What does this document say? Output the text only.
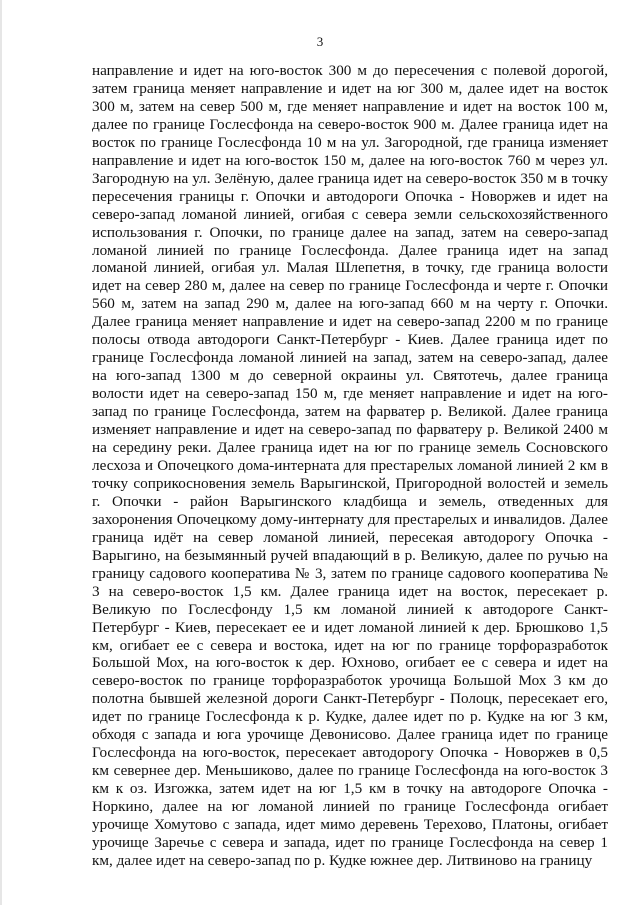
3

направление и идет на юго-восток 300 м до пересечения с полевой дорогой, затем граница меняет направление и идет на юг 300 м, далее идет на восток 300 м, затем на север 500 м, где меняет направление и идет на восток 100 м, далее по границе Гослесфонда на северо-восток 900 м. Далее граница идет на восток по границе Гослесфонда 10 м на ул. Загородной, где граница изменяет направление и идет на юго-восток 150 м, далее на юго-восток 760 м через ул. Загородную на ул. Зелёную, далее граница идет на северо-восток 350 м в точку пересечения границы г. Опочки и автодороги Опочка - Новоржев и идет на северо-запад ломаной линией, огибая с севера земли сельскохозяйственного использования г. Опочки, по границе далее на запад, затем на северо-запад ломаной линией по границе Гослесфонда. Далее граница идет на запад ломаной линией, огибая ул. Малая Шлепетня, в точку, где граница волости идет на север 280 м, далее на север по границе Гослесфонда и черте г. Опочки 560 м, затем на запад 290 м, далее на юго-запад 660 м на черту г. Опочки. Далее граница меняет направление и идет на северо-запад 2200 м по границе полосы отвода автодороги Санкт-Петербург - Киев. Далее граница идет по границе Гослесфонда ломаной линией на запад, затем на северо-запад, далее на юго-запад 1300 м до северной окраины ул. Святотечь, далее граница волости идет на северо-запад 150 м, где меняет направление и идет на юго-запад по границе Гослесфонда, затем на фарватер р. Великой. Далее граница изменяет направление и идет на северо-запад по фарватеру р. Великой 2400 м на середину реки. Далее граница идет на юг по границе земель Сосновского лесхоза и Опочецкого дома-интерната для престарелых ломаной линией 2 км в точку соприкосновения земель Варыгинской, Пригородной волостей и земель г. Опочки - район Варыгинского кладбища и земель, отведенных для захоронения Опочецкому дому-интернату для престарелых и инвалидов. Далее граница идёт на север ломаной линией, пересекая автодорогу Опочка - Варыгино, на безымянный ручей впадающий в р. Великую, далее по ручью на границу садового кооператива № 3, затем по границе садового кооператива № 3 на северо-восток 1,5 км. Далее граница идет на восток, пересекает р. Великую по Гослесфонду 1,5 км ломаной линией к автодороге Санкт-Петербург - Киев, пересекает ее и идет ломаной линией к дер. Брюшково 1,5 км, огибает ее с севера и востока, идет на юг по границе торфоразработок Большой Мох, на юго-восток к дер. Юхново, огибает ее с севера и идет на северо-восток по границе торфоразработок урочища Большой Мох 3 км до полотна бывшей железной дороги Санкт-Петербург - Полоцк, пересекает его, идет по границе Гослесфонда к р. Кудке, далее идет по р. Кудке на юг 3 км, обходя с запада и юга урочище Девонисово. Далее граница идет по границе Гослесфонда на юго-восток, пересекает автодорогу Опочка - Новоржев в 0,5 км севернее дер. Меньшиково, далее по границе Гослесфонда на юго-восток 3 км к оз. Изгожка, затем идет на юг 1,5 км в точку на автодороге Опочка - Норкино, далее на юг ломаной линией по границе Гослесфонда огибает урочище Хомутово с запада, идет мимо деревень Терехово, Платоны, огибает урочище Заречье с севера и запада, идет по границе Гослесфонда на север 1 км, далее идет на северо-запад по р. Кудке южнее дер. Литвиново на границу
